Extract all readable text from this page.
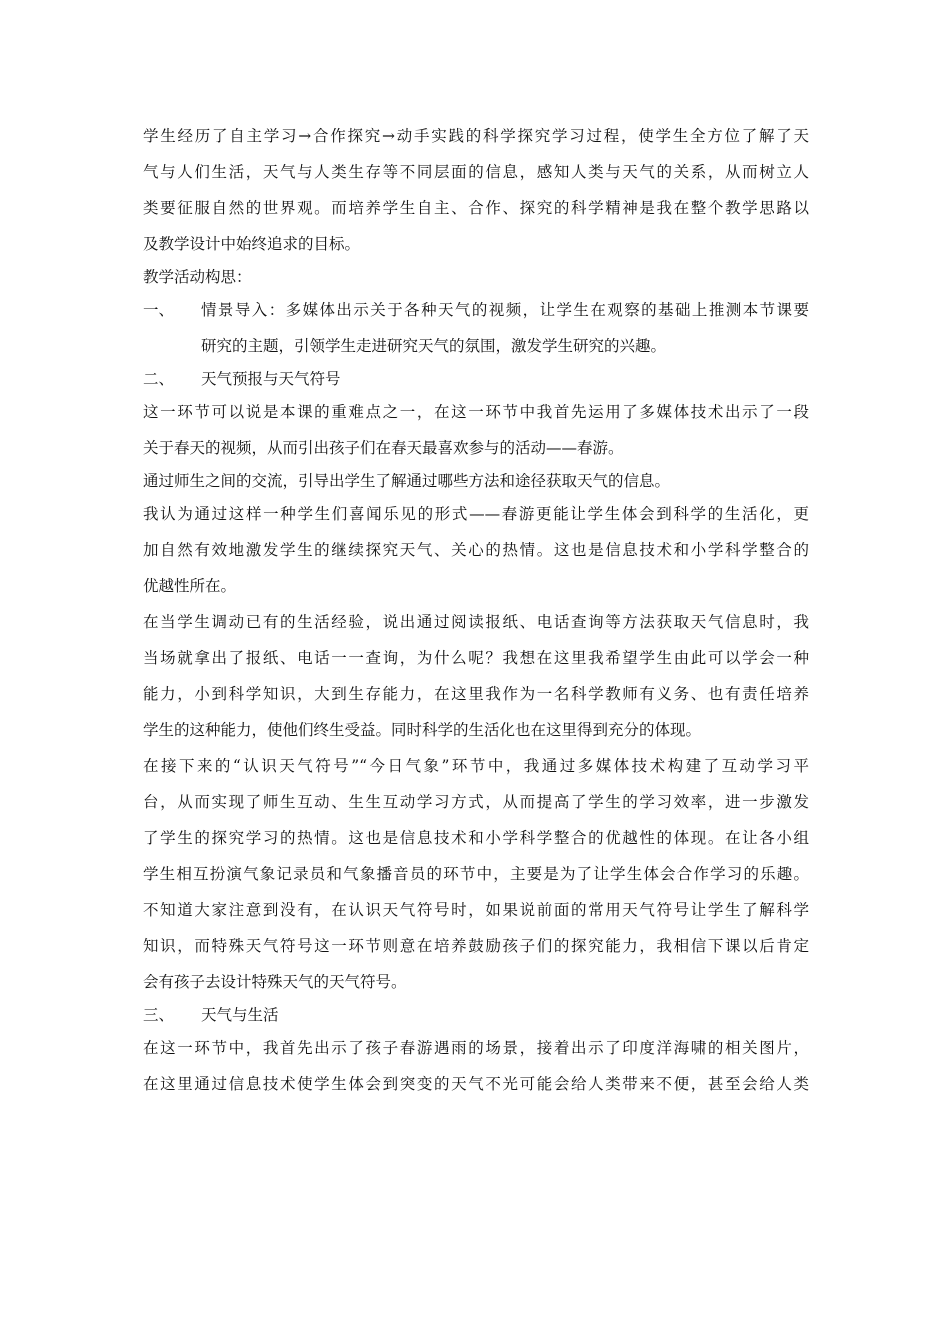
学生经历了自主学习→合作探究→动手实践的科学探究学习过程，使学生全方位了解了天
气与人们生活，天气与人类生存等不同层面的信息，感知人类与天气的关系，从而树立人
类要征服自然的世界观。而培养学生自主、合作、探究的科学精神是我在整个教学思路以
及教学设计中始终追求的目标。
教学活动构思：
一、	情景导入：多媒体出示关于各种天气的视频，让学生在观察的基础上推测本节课要
研究的主题，引领学生走进研究天气的氛围，激发学生研究的兴趣。
二、	天气预报与天气符号
这一环节可以说是本课的重难点之一，在这一环节中我首先运用了多媒体技术出示了一段
关于春天的视频，从而引出孩子们在春天最喜欢参与的活动——春游。
通过师生之间的交流，引导出学生了解通过哪些方法和途径获取天气的信息。
我认为通过这样一种学生们喜闻乐见的形式——春游更能让学生体会到科学的生活化，更
加自然有效地激发学生的继续探究天气、关心的热情。这也是信息技术和小学科学整合的
优越性所在。
在当学生调动已有的生活经验，说出通过阅读报纸、电话查询等方法获取天气信息时，我
当场就拿出了报纸、电话一一查询，为什么呢？我想在这里我希望学生由此可以学会一种
能力，小到科学知识，大到生存能力，在这里我作为一名科学教师有义务、也有责任培养
学生的这种能力，使他们终生受益。同时科学的生活化也在这里得到充分的体现。
在接下来的“认识天气符号”“今日气象”环节中，我通过多媒体技术构建了互动学习平
台，从而实现了师生互动、生生互动学习方式，从而提高了学生的学习效率，进一步激发
了学生的探究学习的热情。这也是信息技术和小学科学整合的优越性的体现。在让各小组
学生相互扮演气象记录员和气象播音员的环节中，主要是为了让学生体会合作学习的乐趣。
不知道大家注意到没有，在认识天气符号时，如果说前面的常用天气符号让学生了解科学
知识，而特殊天气符号这一环节则意在培养鼓励孩子们的探究能力，我相信下课以后肯定
会有孩子去设计特殊天气的天气符号。
三、	天气与生活
在这一环节中，我首先出示了孩子春游遇雨的场景，接着出示了印度洋海啸的相关图片，
在这里通过信息技术使学生体会到突变的天气不光可能会给人类带来不便，甚至会给人类
